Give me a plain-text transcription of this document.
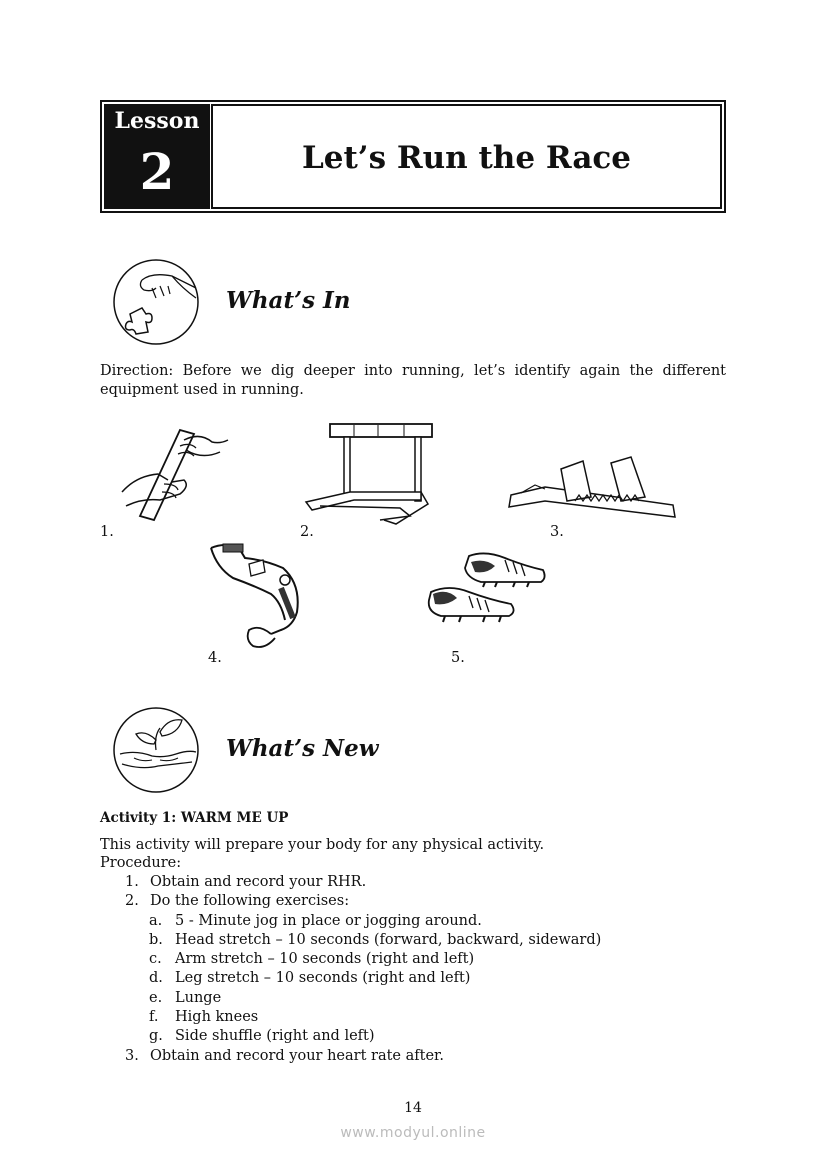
Lesson
2	Let’s Run the Race
What’s In
Direction: Before we dig deeper into running, let’s identify again the different
equipment used in running.
1.	2.	3.
4.	5.
What’s New
Activity 1: WARM ME UP
This activity will prepare your body for any physical activity.
Procedure:
1. Obtain and record your RHR.
2. Do the following exercises:
a. 5 - Minute jog in place or jogging around.
b. Head stretch – 10 seconds (forward, backward, sideward)
c. Arm stretch – 10 seconds (right and left)
d. Leg stretch – 10 seconds (right and left)
e. Lunge
f. High knees
g. Side shuffle (right and left)
3. Obtain and record your heart rate after.
14
www.modyul.online
